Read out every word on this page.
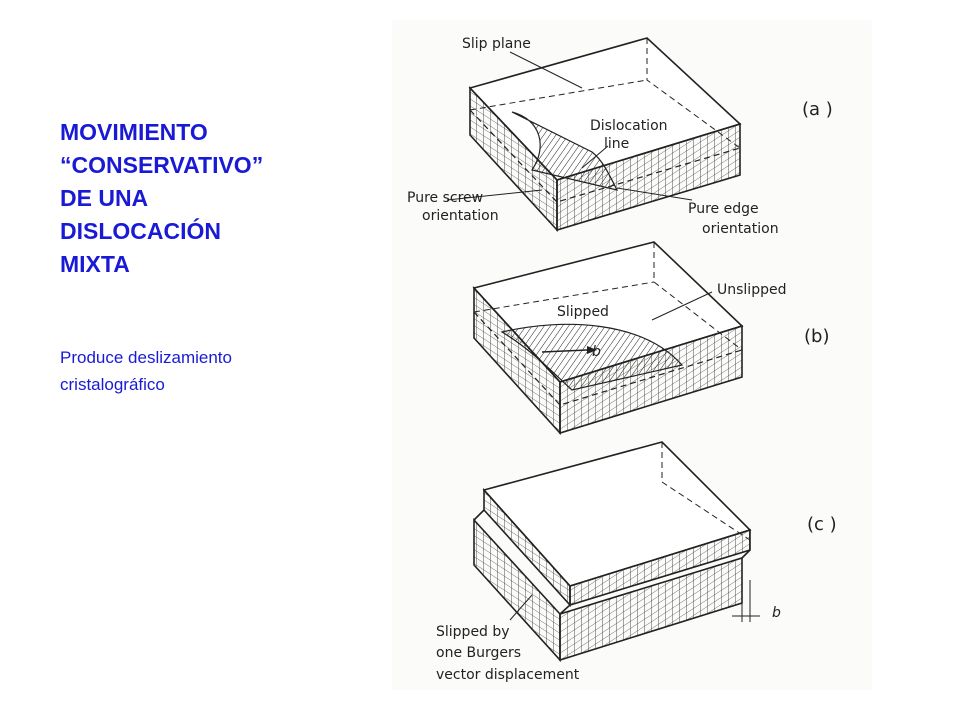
MOVIMIENTO
“CONSERVATIVO”
DE UNA
DISLOCACIÓN
MIXTA
Produce deslizamiento
cristalográfico
Slip plane
(a )
Dislocation
line
Pure screw
orientation	Pure edge
orientation
Unslipped
Slipped
b
(b)
b
(c )
Slipped by
one Burgers
vector displacement
